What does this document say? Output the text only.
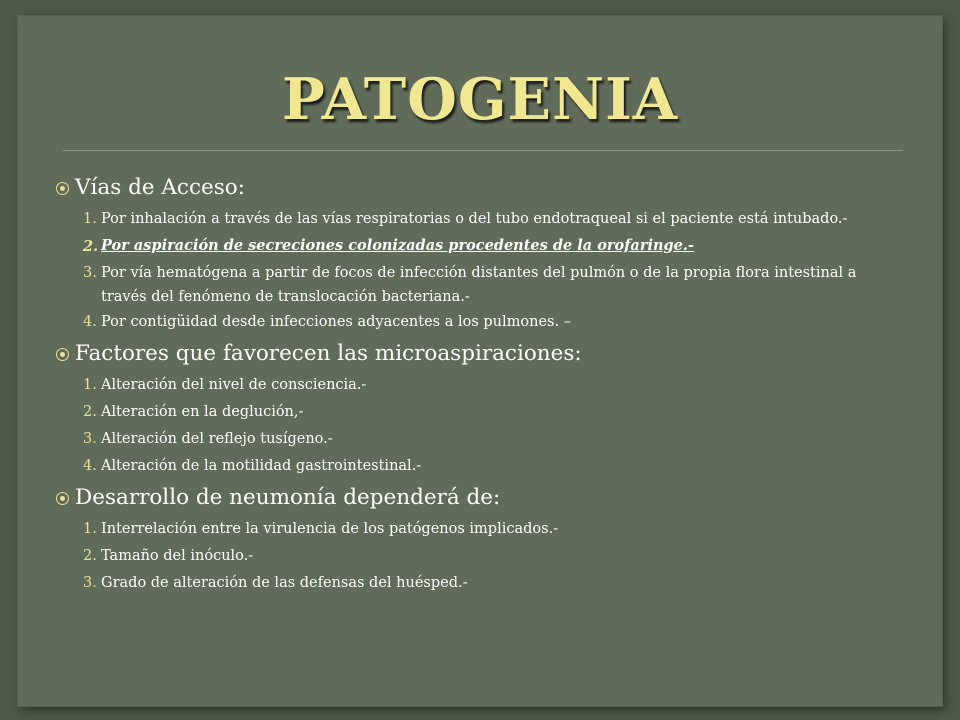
PATOGENIA

Vías de Acceso:

1. Por inhalación a través de las vías respiratorias o del tubo endotraqueal si el paciente está intubado.-
2. Por aspiración de secreciones colonizadas procedentes de la orofaringe.-
3. Por vía hematógena a partir de focos de infección distantes del pulmón o de la propia flora intestinal a través del fenómeno de translocación bacteriana.-
4. Por contigüidad desde infecciones adyacentes a los pulmones. –

Factores que favorecen las microaspiraciones:

1. Alteración del nivel de consciencia.-
2. Alteración en la deglución,-
3. Alteración del reflejo tusígeno.-
4. Alteración de la motilidad gastrointestinal.-

Desarrollo de neumonía dependerá de:

1. Interrelación entre la virulencia de los patógenos implicados.-
2. Tamaño del inóculo.-
3. Grado de alteración de las defensas del huésped.-
